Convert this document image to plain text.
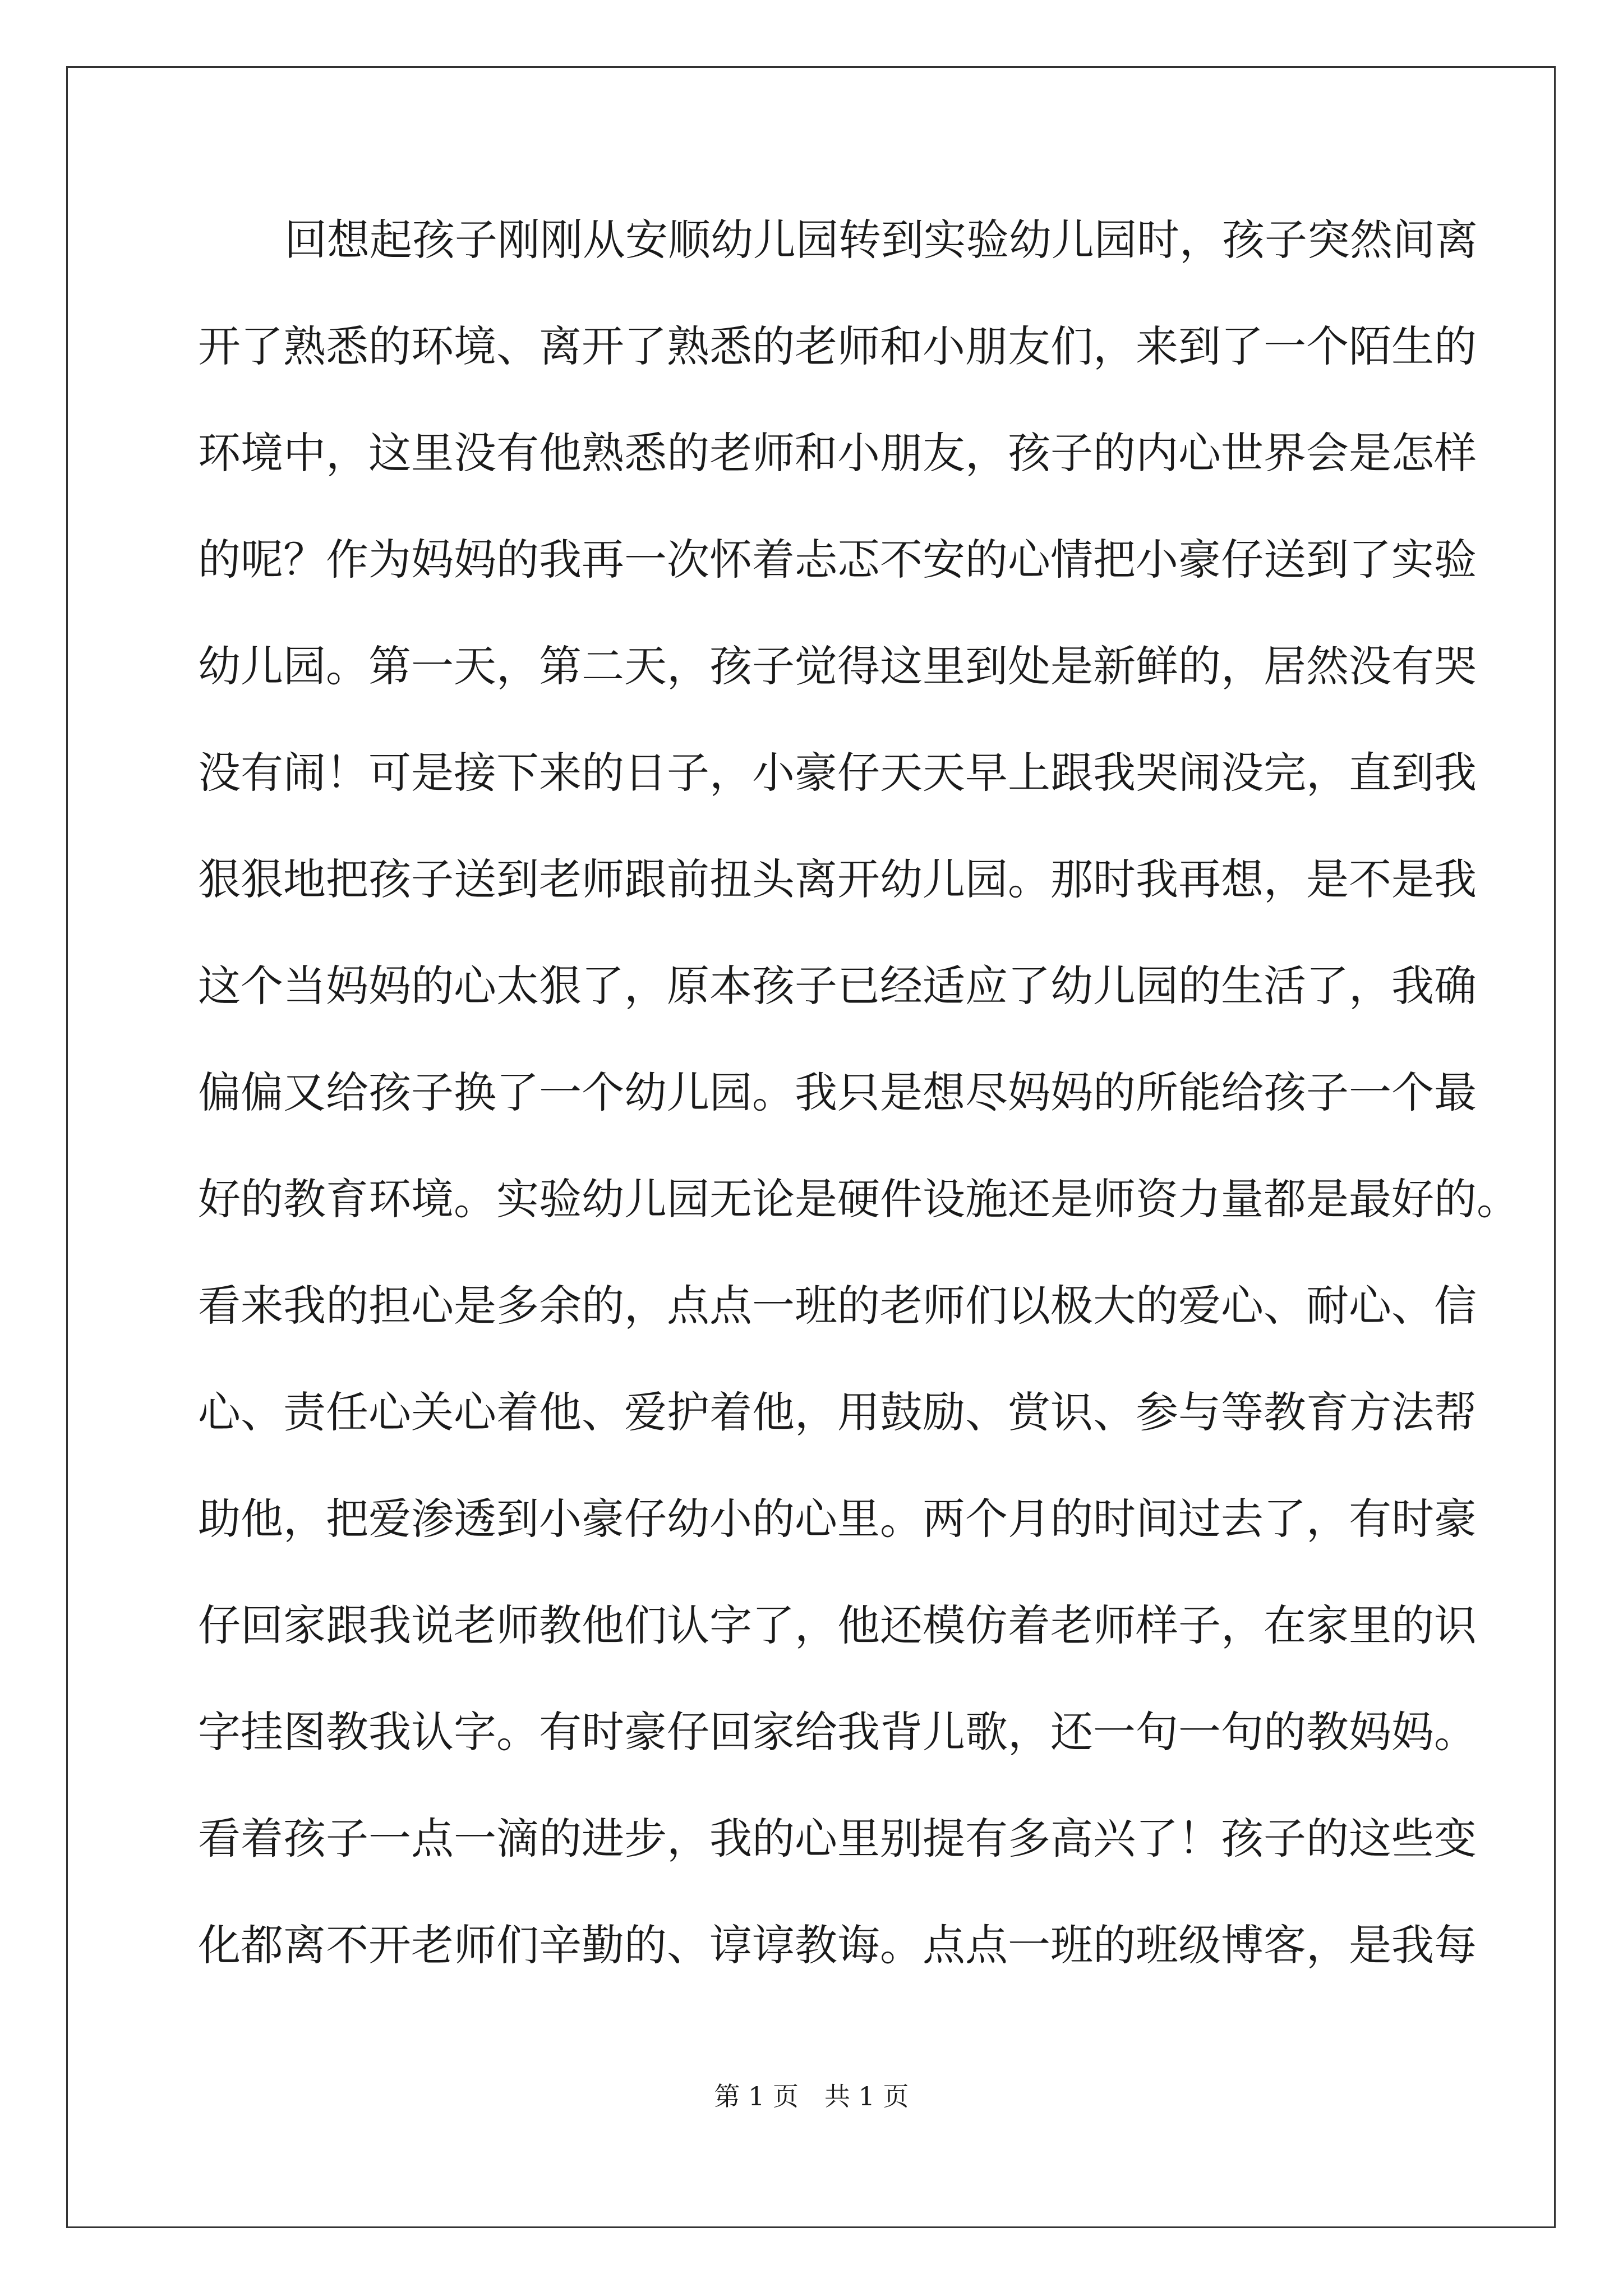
回想起孩子刚刚从安顺幼儿园转到实验幼儿园时，孩子突然间离
开了熟悉的环境、离开了熟悉的老师和小朋友们，来到了一个陌生的
环境中，这里没有他熟悉的老师和小朋友，孩子的内心世界会是怎样
的呢？作为妈妈的我再一次怀着忐忑不安的心情把小豪仔送到了实验
幼儿园。第一天，第二天，孩子觉得这里到处是新鲜的，居然没有哭
没有闹！可是接下来的日子，小豪仔天天早上跟我哭闹没完，直到我
狠狠地把孩子送到老师跟前扭头离开幼儿园。那时我再想，是不是我
这个当妈妈的心太狠了，原本孩子已经适应了幼儿园的生活了，我确
偏偏又给孩子换了一个幼儿园。我只是想尽妈妈的所能给孩子一个最
好的教育环境。实验幼儿园无论是硬件设施还是师资力量都是最好的。
看来我的担心是多余的，点点一班的老师们以极大的爱心、耐心、信
心、责任心关心着他、爱护着他，用鼓励、赏识、参与等教育方法帮
助他，把爱渗透到小豪仔幼小的心里。两个月的时间过去了，有时豪
仔回家跟我说老师教他们认字了，他还模仿着老师样子，在家里的识
字挂图教我认字。有时豪仔回家给我背儿歌，还一句一句的教妈妈。
看着孩子一点一滴的进步，我的心里别提有多高兴了！孩子的这些变
化都离不开老师们辛勤的、谆谆教诲。点点一班的班级博客，是我每
第 1 页　共 1 页
